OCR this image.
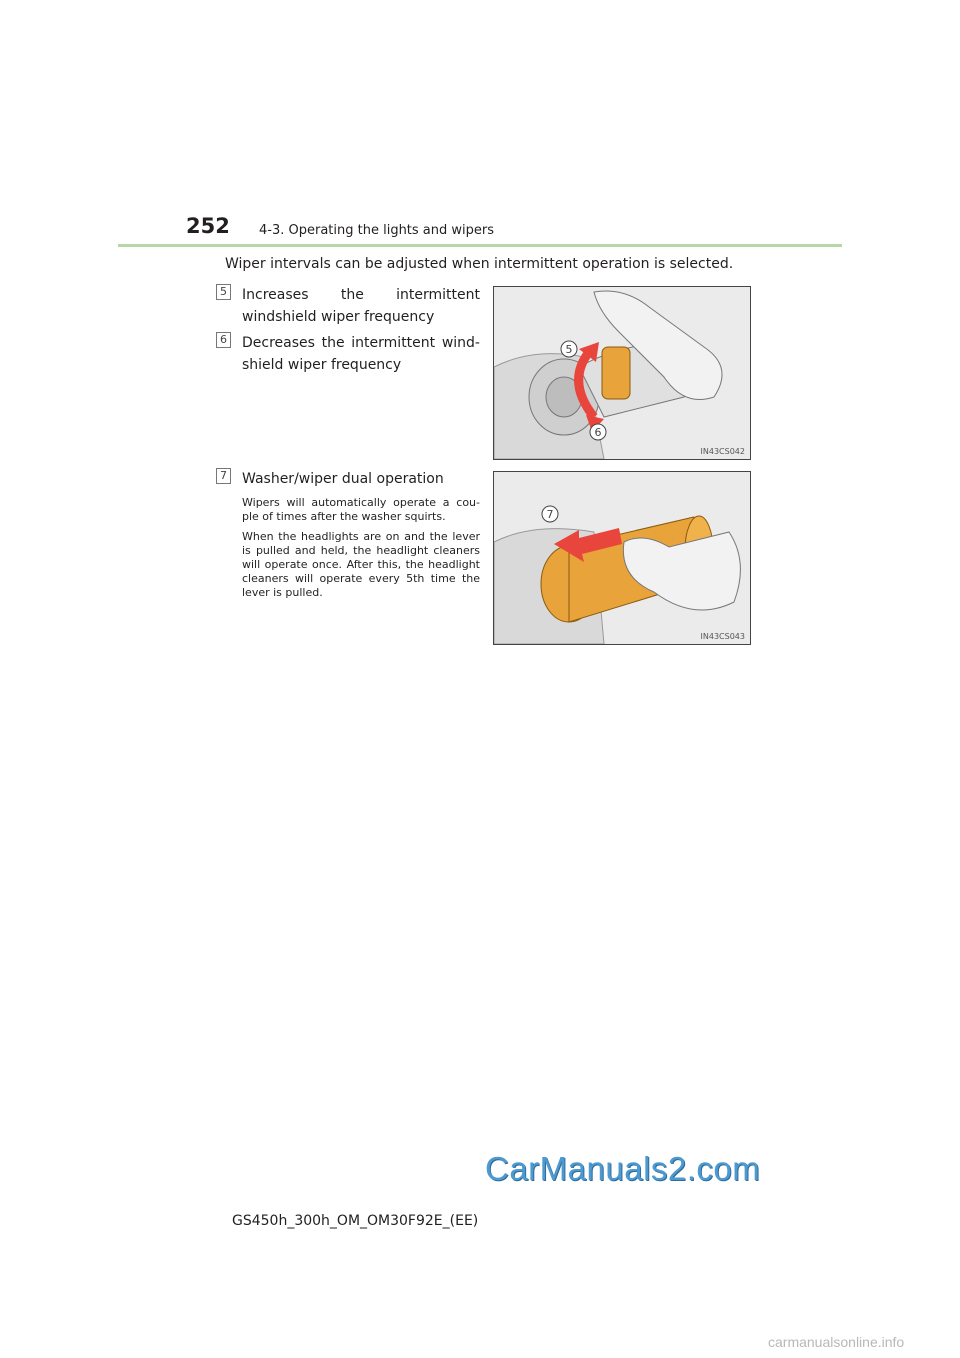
252 4-3. Operating the lights and wipers
Wiper intervals can be adjusted when intermittent operation is selected.
5 Increases the intermittent windshield wiper frequency
6 Decreases the intermittent wind-shield wiper frequency
7 Washer/wiper dual operation
Wipers will automatically operate a cou-ple of times after the washer squirts.
When the headlights are on and the lever is pulled and held, the headlight cleaners will operate once. After this, the headlight cleaners will operate every 5th time the lever is pulled.
5
6
IN43CS042
7
IN43CS043
CarManuals2.com
GS450h_300h_OM_OM30F92E_(EE)
carmanualsonline.info
